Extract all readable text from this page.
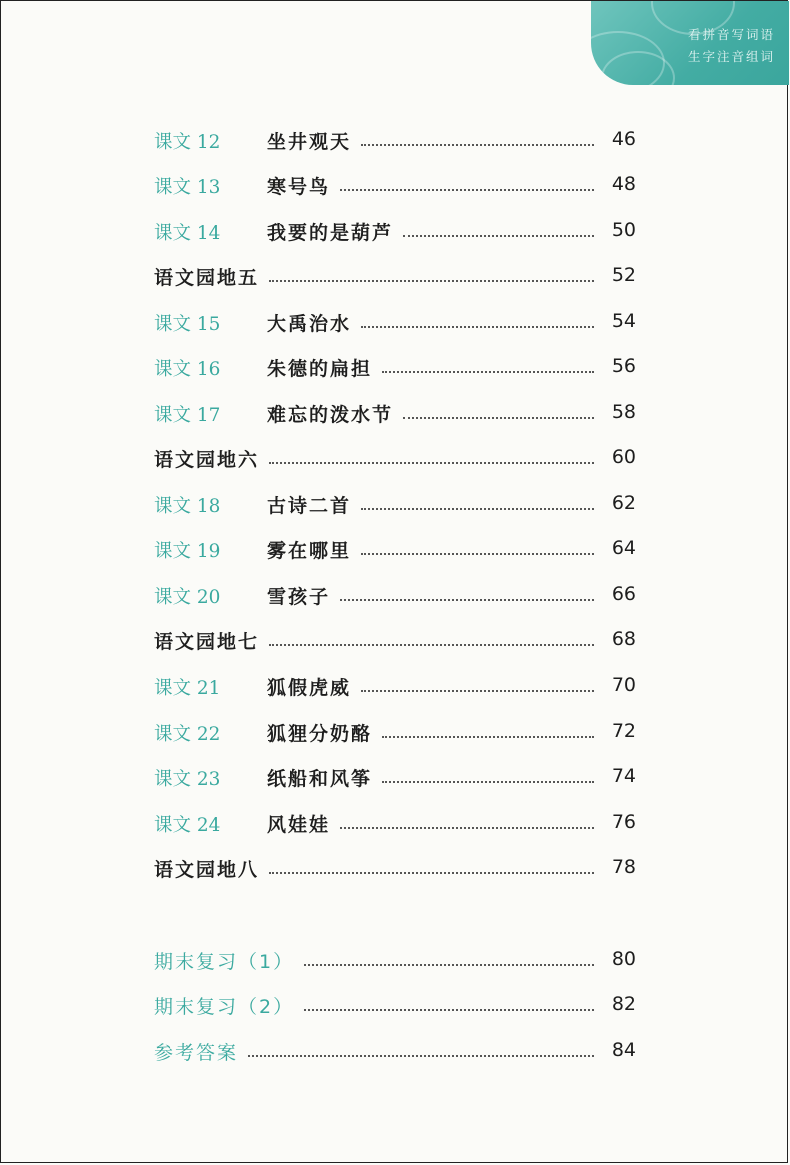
看拼音写词语
生字注音组词
课文 12 坐井观天	46
课文 13 寒号鸟	48
课文 14 我要的是葫芦	50
语文园地五	52
课文 15 大禹治水	54
课文 16 朱德的扁担	56
课文 17 难忘的泼水节	58
语文园地六	60
课文 18 古诗二首	62
课文 19 雾在哪里	64
课文 20 雪孩子	66
语文园地七	68
课文 21 狐假虎威	70
课文 22 狐狸分奶酪	72
课文 23 纸船和风筝	74
课文 24 风娃娃	76
语文园地八	78
期末复习（1）	80
期末复习（2）	82
参考答案	84
